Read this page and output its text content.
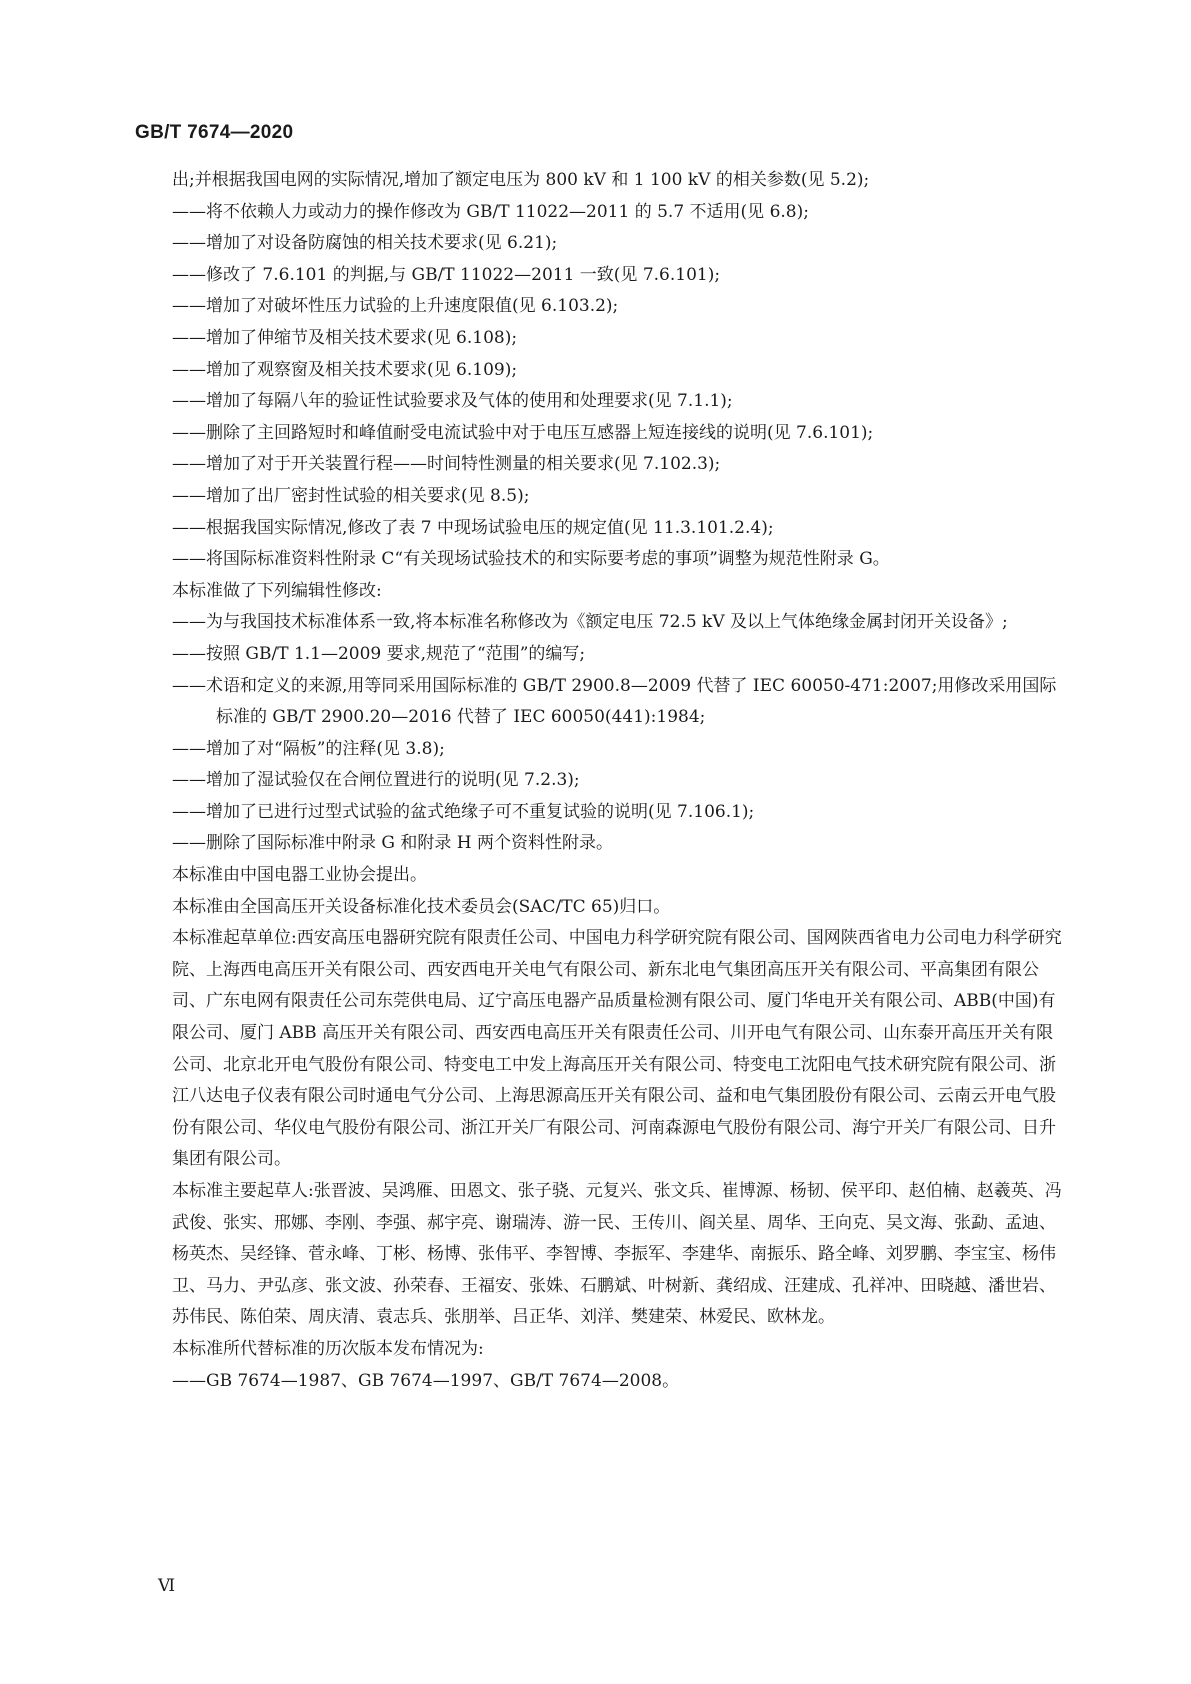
GB/T 7674—2020

出;并根据我国电网的实际情况,增加了额定电压为 800 kV 和 1 100 kV 的相关参数(见 5.2);

——将不依赖人力或动力的操作修改为 GB/T 11022—2011 的 5.7 不适用(见 6.8);

——增加了对设备防腐蚀的相关技术要求(见 6.21);

——修改了 7.6.101 的判据,与 GB/T 11022—2011 一致(见 7.6.101);

——增加了对破坏性压力试验的上升速度限值(见 6.103.2);

——增加了伸缩节及相关技术要求(见 6.108);

——增加了观察窗及相关技术要求(见 6.109);

——增加了每隔八年的验证性试验要求及气体的使用和处理要求(见 7.1.1);

——删除了主回路短时和峰值耐受电流试验中对于电压互感器上短连接线的说明(见 7.6.101);

——增加了对于开关装置行程——时间特性测量的相关要求(见 7.102.3);

——增加了出厂密封性试验的相关要求(见 8.5);

——根据我国实际情况,修改了表 7 中现场试验电压的规定值(见 11.3.101.2.4);

——将国际标准资料性附录 C“有关现场试验技术的和实际要考虑的事项”调整为规范性附录 G。

本标准做了下列编辑性修改:

——为与我国技术标准体系一致,将本标准名称修改为《额定电压 72.5 kV 及以上气体绝缘金属封闭开关设备》;

——按照 GB/T 1.1—2009 要求,规范了“范围”的编写;

——术语和定义的来源,用等同采用国际标准的 GB/T 2900.8—2009 代替了 IEC 60050-471:2007;用修改采用国际标准的 GB/T 2900.20—2016 代替了 IEC 60050(441):1984;

——增加了对“隔板”的注释(见 3.8);

——增加了湿试验仅在合闸位置进行的说明(见 7.2.3);

——增加了已进行过型式试验的盆式绝缘子可不重复试验的说明(见 7.106.1);

——删除了国际标准中附录 G 和附录 H 两个资料性附录。

本标准由中国电器工业协会提出。

本标准由全国高压开关设备标准化技术委员会(SAC/TC 65)归口。

本标准起草单位:西安高压电器研究院有限责任公司、中国电力科学研究院有限公司、国网陕西省电力公司电力科学研究院、上海西电高压开关有限公司、西安西电开关电气有限公司、新东北电气集团高压开关有限公司、平高集团有限公司、广东电网有限责任公司东莞供电局、辽宁高压电器产品质量检测有限公司、厦门华电开关有限公司、ABB(中国)有限公司、厦门 ABB 高压开关有限公司、西安西电高压开关有限责任公司、川开电气有限公司、山东泰开高压开关有限公司、北京北开电气股份有限公司、特变电工中发上海高压开关有限公司、特变电工沈阳电气技术研究院有限公司、浙江八达电子仪表有限公司时通电气分公司、上海思源高压开关有限公司、益和电气集团股份有限公司、云南云开电气股份有限公司、华仪电气股份有限公司、浙江开关厂有限公司、河南森源电气股份有限公司、海宁开关厂有限公司、日升集团有限公司。

本标准主要起草人:张晋波、吴鸿雁、田恩文、张子骁、元复兴、张文兵、崔博源、杨韧、侯平印、赵伯楠、赵羲英、冯武俊、张实、邢娜、李刚、李强、郝宇亮、谢瑞涛、游一民、王传川、阎关星、周华、王向克、吴文海、张勐、孟迪、杨英杰、吴经锋、菅永峰、丁彬、杨博、张伟平、李智博、李振军、李建华、南振乐、路全峰、刘罗鹏、李宝宝、杨伟卫、马力、尹弘彦、张文波、孙荣春、王福安、张姝、石鹏斌、叶树新、龚绍成、汪建成、孔祥冲、田晓越、潘世岩、苏伟民、陈伯荣、周庆清、袁志兵、张朋举、吕正华、刘洋、樊建荣、林爱民、欧林龙。

本标准所代替标准的历次版本发布情况为:

——GB 7674—1987、GB 7674—1997、GB/T 7674—2008。

Ⅵ
